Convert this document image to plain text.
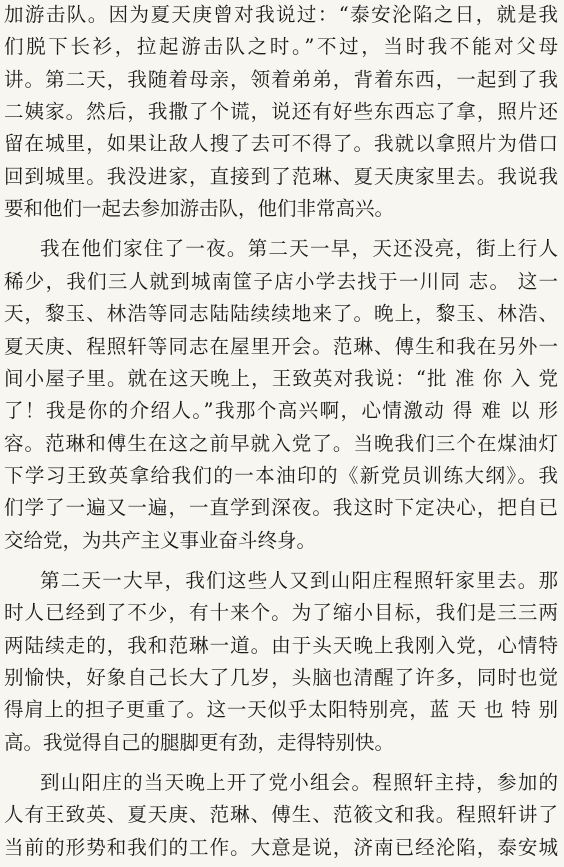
加游击队。因为夏天庚曾对我说过：“泰安沦陷之日，就是我
们脱下长衫，拉起游击队之时。”不过，当时我不能对父母
讲。第二天，我随着母亲，领着弟弟，背着东西，一起到了我
二姨家。然后，我撒了个谎，说还有好些东西忘了拿，照片还
留在城里，如果让敌人搜了去可不得了。我就以拿照片为借口
回到城里。我没进家，直接到了范琳、夏天庚家里去。我说我
要和他们一起去参加游击队，他们非常高兴。
我在他们家住了一夜。第二天一早，天还没亮，街上行人
稀少，我们三人就到城南筐子店小学去找于一川同 志。 这一
天，黎玉、林浩等同志陆陆续续地来了。晚上，黎玉、林浩、
夏天庚、程照轩等同志在屋里开会。范琳、傅生和我在另外一
间小屋子里。就在这天晚上，王致英对我说：“批 准 你 入 党
了！我是你的介绍人。”我那个高兴啊，心情激动 得 难 以 形
容。范琳和傅生在这之前早就入党了。当晚我们三个在煤油灯
下学习王致英拿给我们的一本油印的《新党员训练大纲》。我
们学了一遍又一遍，一直学到深夜。我这时下定决心，把自已
交给党，为共产主义事业奋斗终身。
第二天一大早，我们这些人又到山阳庄程照轩家里去。那
时人已经到了不少，有十来个。为了缩小目标，我们是三三两
两陆续走的，我和范琳一道。由于头天晚上我刚入党，心情特
别愉快，好象自己长大了几岁，头脑也清醒了许多，同时也觉
得肩上的担子更重了。这一天似乎太阳特别亮，蓝 天 也 特 别
高。我觉得自己的腿脚更有劲，走得特别快。
到山阳庄的当天晚上开了党小组会。程照轩主持，参加的
人有王致英、夏天庚、范琳、傅生、范筱文和我。程照轩讲了
当前的形势和我们的工作。大意是说，济南已经沦陷，泰安城
